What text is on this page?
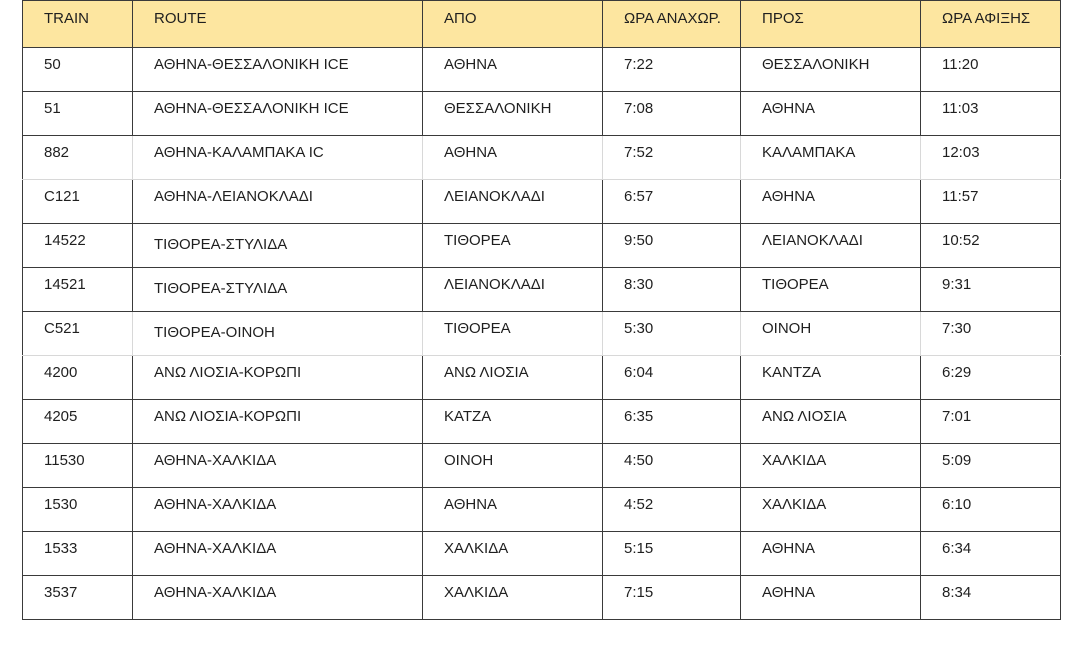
TRAIN	ROUTE	ΑΠΟ	ΩΡΑ ΑΝΑΧΩΡ.	ΠΡΟΣ	ΩΡΑ ΑΦΙΞΗΣ
50	ΑΘΗΝΑ-ΘΕΣΣΑΛΟΝΙΚΗ ICE	ΑΘΗΝΑ	7:22	ΘΕΣΣΑΛΟΝΙΚΗ	11:20
51	ΑΘΗΝΑ-ΘΕΣΣΑΛΟΝΙΚΗ ICE	ΘΕΣΣΑΛΟΝΙΚΗ	7:08	ΑΘΗΝΑ	11:03
882	ΑΘΗΝΑ-ΚΑΛΑΜΠΑΚΑ IC	ΑΘΗΝΑ	7:52	ΚΑΛΑΜΠΑΚΑ	12:03
C121	ΑΘΗΝΑ-ΛΕΙΑΝΟΚΛΑΔΙ	ΛΕΙΑΝΟΚΛΑΔΙ	6:57	ΑΘΗΝΑ	11:57
14522	ΤΙΘΟΡΕΑ-ΣΤΥΛΙΔΑ	ΤΙΘΟΡΕΑ	9:50	ΛΕΙΑΝΟΚΛΑΔΙ	10:52
14521	ΤΙΘΟΡΕΑ-ΣΤΥΛΙΔΑ	ΛΕΙΑΝΟΚΛΑΔΙ	8:30	ΤΙΘΟΡΕΑ	9:31
C521	ΤΙΘΟΡΕΑ-ΟΙΝΟΗ	ΤΙΘΟΡΕΑ	5:30	ΟΙΝΟΗ	7:30
4200	ΑΝΩ ΛΙΟΣΙΑ-ΚΟΡΩΠΙ	ΑΝΩ ΛΙΟΣΙΑ	6:04	ΚΑΝΤΖΑ	6:29
4205	ΑΝΩ ΛΙΟΣΙΑ-ΚΟΡΩΠΙ	ΚΑΤΖΑ	6:35	ΑΝΩ ΛΙΟΣΙΑ	7:01
11530	ΑΘΗΝΑ-ΧΑΛΚΙΔΑ	ΟΙΝΟΗ	4:50	ΧΑΛΚΙΔΑ	5:09
1530	ΑΘΗΝΑ-ΧΑΛΚΙΔΑ	ΑΘΗΝΑ	4:52	ΧΑΛΚΙΔΑ	6:10
1533	ΑΘΗΝΑ-ΧΑΛΚΙΔΑ	ΧΑΛΚΙΔΑ	5:15	ΑΘΗΝΑ	6:34
3537	ΑΘΗΝΑ-ΧΑΛΚΙΔΑ	ΧΑΛΚΙΔΑ	7:15	ΑΘΗΝΑ	8:34
